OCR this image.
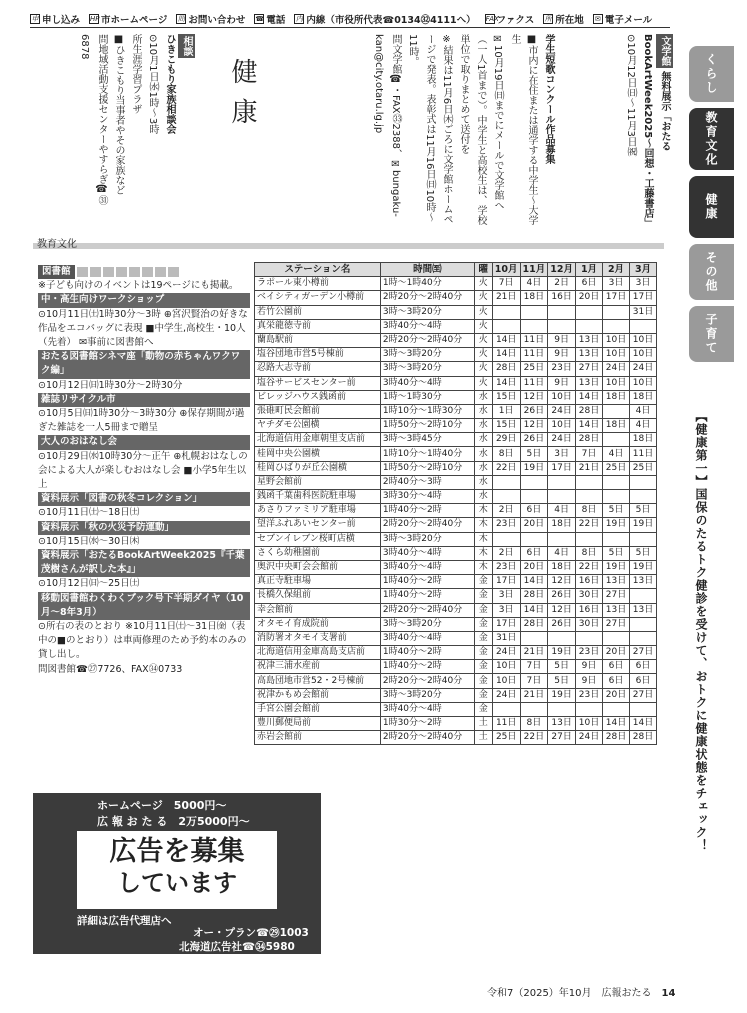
申 申し込み HP 市ホームページ 問 お問い合わせ ☎ 電話 内 内線（市役所代表☎0134㉜4111へ） FAX
ファクス 所 所在地 ✉ 電子メール

文学館 無料展示「おたるBookArtWeek2025～回想・工藤書店」

⊙10月12日㈰～11月3日㈷

学生短歌コンクール作品募集

■市内に在住または通学する中学生～大学生

✉10月19日㈰までにメールで文学館へ（一人1首まで）。中学生と高校生は、学校単位で取りまとめて送付を

※結果は11月6日㈭ごろに文学館ホームページで発表。表彰式は11月16日㈰10時～11時。

問文学館☎・FAX㉝2388、✉bungaku-kan@city.otaru.lg.jp

健康

相談

ひきこもり家族相談会

⊙10月1日㈬1時～3時

所生涯学習プラザ

■ひきこもり当事者やその家族など

問地域活動支援センターやすらぎ☎㉛6878

くらし
教育文化
健康
その他
子育て
【健康第一】国保のたるトク健診を受けて、おトクに健康状態をチェック！
教育文化
図書館
※子ども向けのイベントは19ページにも掲載。
中・高生向けワークショップ
⊙10月11日㈯1時30分～3時 ⊕宮沢賢治の好きな作品をエコバッグに表現 ■中学生,高校生・10人（先着） ✉事前に図書館へ
おたる図書館シネマ座「動物の赤ちゃんワクワク編」
⊙10月12日㈰1時30分～2時30分
雑誌リサイクル市
⊙10月5日㈰1時30分～3時30分 ⊕保存期間が過ぎた雑誌を一人5冊まで贈呈
大人のおはなし会
⊙10月29日㈬10時30分～正午 ⊕札幌おはなしの会による大人が楽しむおはなし会 ■小学5年生以上
資料展示「図書の秋冬コレクション」
⊙10月11日㈯～18日㈯
資料展示「秋の火災予防運動」
⊙10月15日㈬～30日㈭
資料展示「おたるBookArtWeek2025『千葉茂樹さんが訳した本』」
⊙10月12日㈰～25日㈯
移動図書館わくわくブック号下半期ダイヤ（10月～8年3月）
⊙所右の表のとおり ※10月11日㈯～31日㈮（表中の■のとおり）は車両修理のため予約本のみの貸し出し。
問図書館☎㉗7726、FAX㉞0733
ステーション名	時間㉃	曜	10月	11月	12月	1月	2月	3月
ラポール東小樽前	1時～1時40分	火	7日	4日	2日	6日	3日	3日
ベイシティガーデン小樽前	2時20分～2時40分	火	21日	18日	16日	20日	17日	17日
若竹公園前	3時～3時20分	火						31日
真栄龍徳寺前	3時40分～4時	火						
蘭島駅前	2時20分～2時40分	火	14日	11日	9日	13日	10日	10日
塩谷団地市営5号棟前	3時～3時20分	火	14日	11日	9日	13日	10日	10日
忍路大志寺前	3時～3時20分	火	28日	25日	23日	27日	24日	24日
塩谷サービスセンター前	3時40分～4時	火	14日	11日	9日	13日	10日	10日
ビレッジハウス銭函前	1時～1時30分	水	15日	12日	10日	14日	18日	18日
張碓町民会館前	1時10分～1時30分	水	1日	26日	24日	28日		4日
ヤチダモ公園横	1時50分～2時10分	水	15日	12日	10日	14日	18日	4日
北海道信用金庫朝里支店前	3時～3時45分	水	29日	26日	24日	28日		18日
桂岡中央公園横	1時10分～1時40分	水	8日	5日	3日	7日	4日	11日
桂岡ひばりが丘公園横	1時50分～2時10分	水	22日	19日	17日	21日	25日	25日
星野会館前	2時40分～3時	水						
銭函千葉歯科医院駐車場	3時30分～4時	水						
あさりファミリア駐車場	1時40分～2時	木	2日	6日	4日	8日	5日	5日
望洋ふれあいセンター前	2時20分～2時40分	木	23日	20日	18日	22日	19日	19日
セブンイレブン桜町店横	3時～3時20分	木						
さくら幼稚園前	3時40分～4時	木	2日	6日	4日	8日	5日	5日
奥沢中央町会会館前	3時40分～4時	木	23日	20日	18日	22日	19日	19日
真正寺駐車場	1時40分～2時	金	17日	14日	12日	16日	13日	13日
長橋久保組前	1時40分～2時	金	3日	28日	26日	30日	27日	
幸会館前	2時20分～2時40分	金	3日	14日	12日	16日	13日	13日
オタモイ育成院前	3時～3時20分	金	17日	28日	26日	30日	27日	
消防署オタモイ支署前	3時40分～4時	金	31日					
北海道信用金庫高島支店前	1時40分～2時	金	24日	21日	19日	23日	20日	27日
祝津三浦水産前	1時40分～2時	金	10日	7日	5日	9日	6日	6日
高島団地市営52・2号棟前	2時20分～2時40分	金	10日	7日	5日	9日	6日	6日
祝津かもめ会館前	3時～3時20分	金	24日	21日	19日	23日	20日	27日
手宮公園会館前	3時40分～4時	金						
豊川郵便局前	1時30分～2時	土	11日	8日	13日	10日	14日	14日
赤岩会館前	2時20分～2時40分	土	25日	22日	27日	24日	28日	28日
ホームページ　5000円～
広 報 お た る　2万5000円～
広告を募集
しています
詳細は広告代理店へ
オー・プラン☎㉙1003
北海道広告社☎㉞5980
令和7（2025）年10月　広報おたる　 14
